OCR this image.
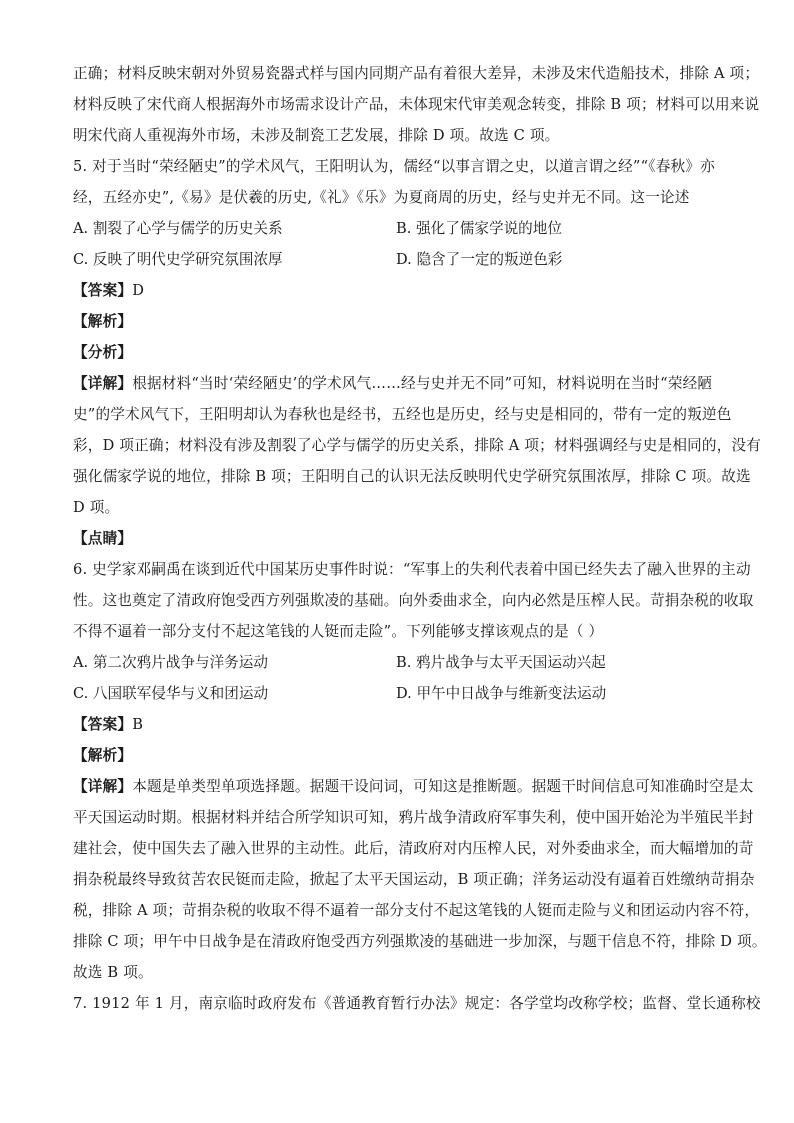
正确；材料反映宋朝对外贸易瓷器式样与国内同期产品有着很大差异，未涉及宋代造船技术，排除 A 项；
材料反映了宋代商人根据海外市场需求设计产品，未体现宋代审美观念转变，排除 B 项；材料可以用来说
明宋代商人重视海外市场，未涉及制瓷工艺发展，排除 D 项。故选 C 项。
5. 对于当时“荣经陋史”的学术风气，王阳明认为，儒经“以事言谓之史，以道言谓之经”“《春秋》亦
经，五经亦史”,《易》是伏羲的历史,《礼》《乐》为夏商周的历史，经与史并无不同。这一论述
A. 割裂了心学与儒学的历史关系	B. 强化了儒家学说的地位
C. 反映了明代史学研究氛围浓厚	D. 隐含了一定的叛逆色彩
【答案】D
【解析】
【分析】
【详解】根据材料“当时‘荣经陋史’的学术风气……经与史并无不同”可知，材料说明在当时“荣经陋
史”的学术风气下，王阳明却认为春秋也是经书，五经也是历史，经与史是相同的，带有一定的叛逆色
彩，D 项正确；材料没有涉及割裂了心学与儒学的历史关系，排除 A 项；材料强调经与史是相同的，没有
强化儒家学说的地位，排除 B 项；王阳明自己的认识无法反映明代史学研究氛围浓厚，排除 C 项。故选
D 项。
【点睛】
6. 史学家邓嗣禹在谈到近代中国某历史事件时说：“军事上的失利代表着中国已经失去了融入世界的主动
性。这也奠定了清政府饱受西方列强欺凌的基础。向外委曲求全，向内必然是压榨人民。苛捐杂税的收取
不得不逼着一部分支付不起这笔钱的人铤而走险”。下列能够支撑该观点的是（ ）
A. 第二次鸦片战争与洋务运动	B. 鸦片战争与太平天国运动兴起
C. 八国联军侵华与义和团运动	D. 甲午中日战争与维新变法运动
【答案】B
【解析】
【详解】本题是单类型单项选择题。据题干设问词，可知这是推断题。据题干时间信息可知准确时空是太
平天国运动时期。根据材料并结合所学知识可知，鸦片战争清政府军事失利，使中国开始沦为半殖民半封
建社会，使中国失去了融入世界的主动性。此后，清政府对内压榨人民，对外委曲求全，而大幅增加的苛
捐杂税最终导致贫苦农民铤而走险，掀起了太平天国运动，B 项正确；洋务运动没有逼着百姓缴纳苛捐杂
税，排除 A 项；苛捐杂税的收取不得不逼着一部分支付不起这笔钱的人铤而走险与义和团运动内容不符，
排除 C 项；甲午中日战争是在清政府饱受西方列强欺凌的基础进一步加深，与题干信息不符，排除 D 项。
故选 B 项。
7. 1912 年 1 月，南京临时政府发布《普通教育暂行办法》规定：各学堂均改称学校；监督、堂长通称校
